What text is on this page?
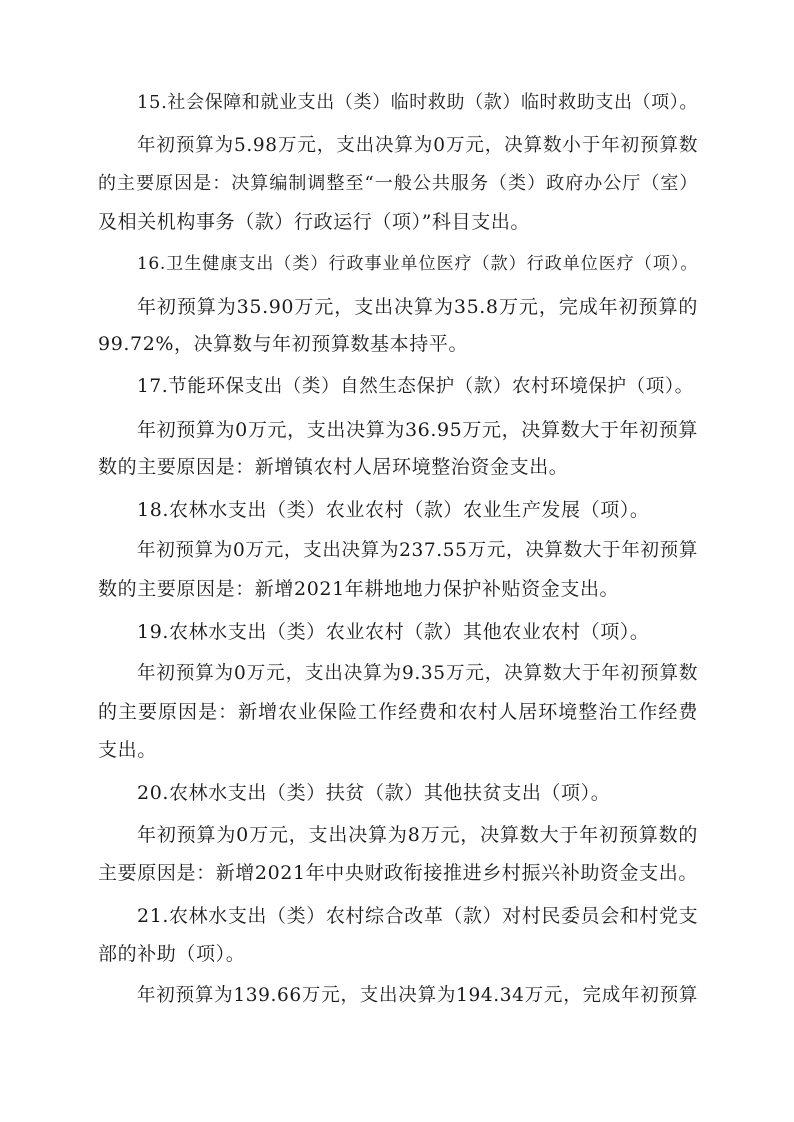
15.社会保障和就业支出（类）临时救助（款）临时救助支出（项）。
年初预算为5.98万元，支出决算为0万元，决算数小于年初预算数
的主要原因是：决算编制调整至“一般公共服务（类）政府办公厅（室）
及相关机构事务（款）行政运行（项）”科目支出。
16.卫生健康支出（类）行政事业单位医疗（款）行政单位医疗（项）。
年初预算为35.90万元，支出决算为35.8万元，完成年初预算的
99.72%，决算数与年初预算数基本持平。
17.节能环保支出（类）自然生态保护（款）农村环境保护（项）。
年初预算为0万元，支出决算为36.95万元，决算数大于年初预算
数的主要原因是：新增镇农村人居环境整治资金支出。
18.农林水支出（类）农业农村（款）农业生产发展（项）。
年初预算为0万元，支出决算为237.55万元，决算数大于年初预算
数的主要原因是：新增2021年耕地地力保护补贴资金支出。
19.农林水支出（类）农业农村（款）其他农业农村（项）。
年初预算为0万元，支出决算为9.35万元，决算数大于年初预算数
的主要原因是：新增农业保险工作经费和农村人居环境整治工作经费
支出。
20.农林水支出（类）扶贫（款）其他扶贫支出（项）。
年初预算为0万元，支出决算为8万元，决算数大于年初预算数的
主要原因是：新增2021年中央财政衔接推进乡村振兴补助资金支出。
21.农林水支出（类）农村综合改革（款）对村民委员会和村党支
部的补助（项）。
年初预算为139.66万元，支出决算为194.34万元，完成年初预算
